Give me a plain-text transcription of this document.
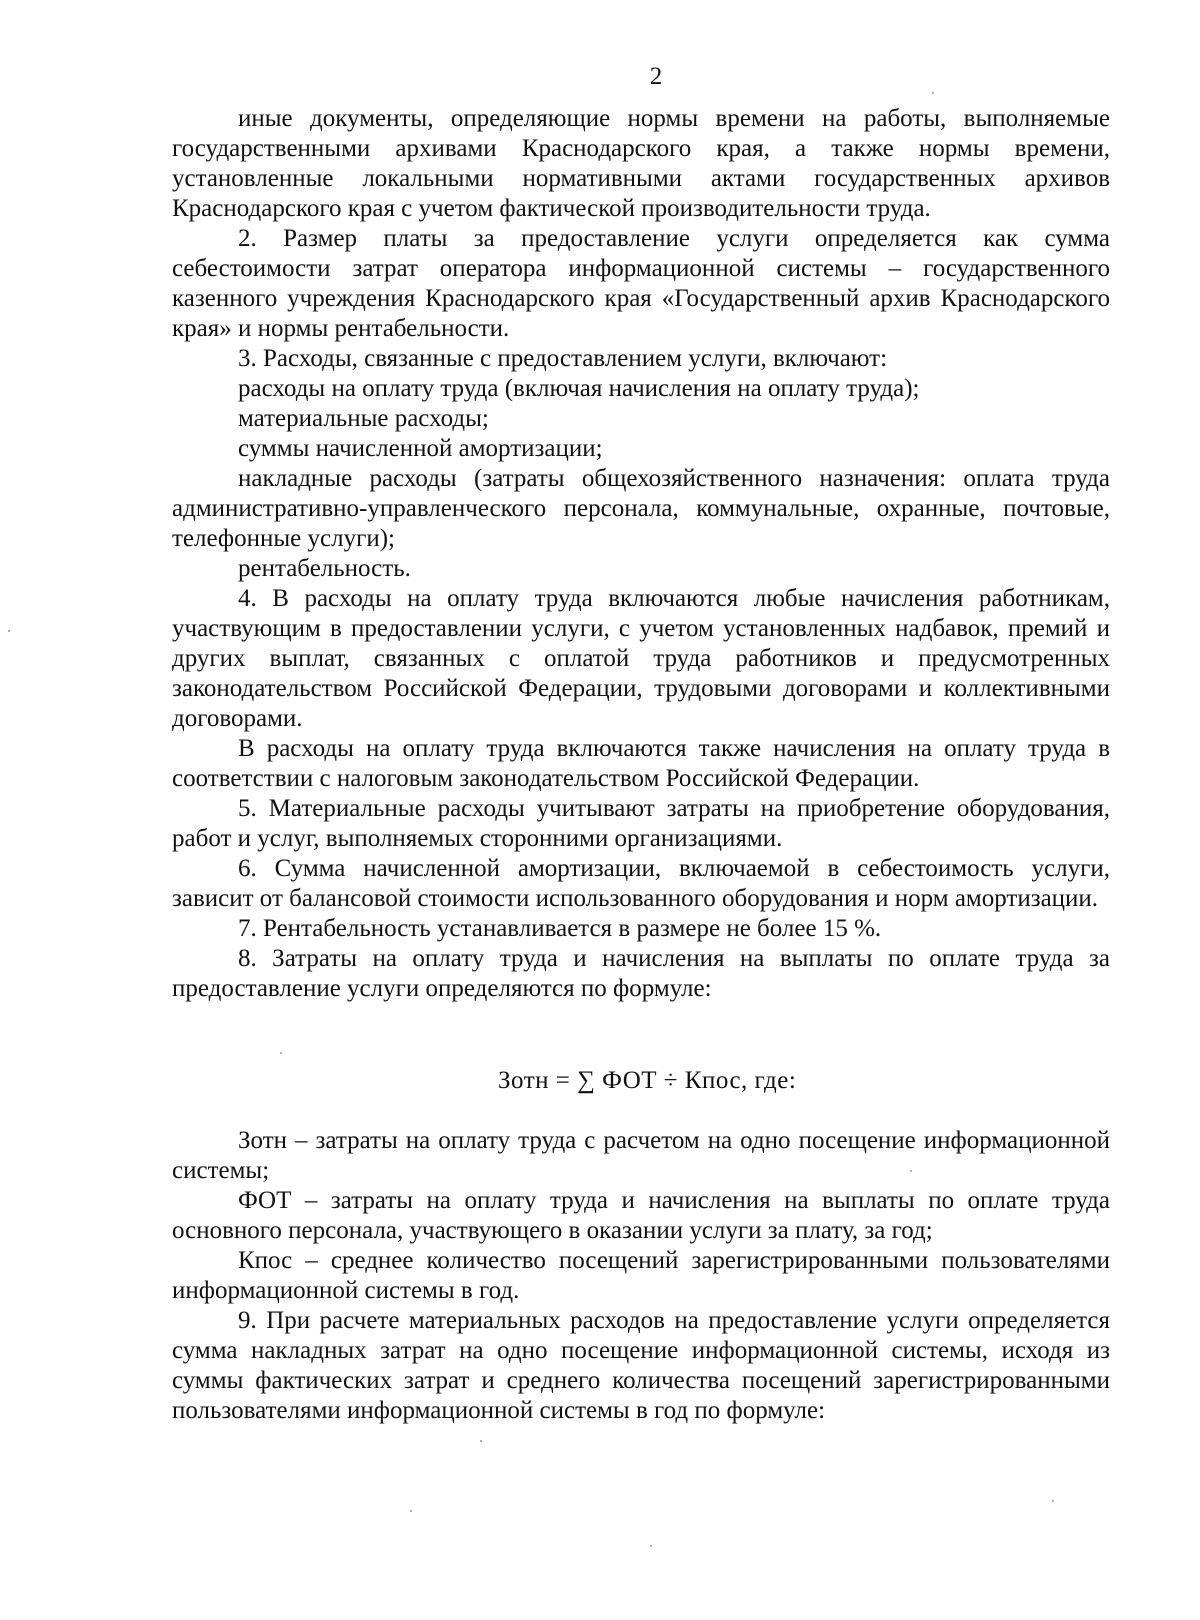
2

иные документы, определяющие нормы времени на работы, выполняемые государственными архивами Краснодарского края, а также нормы времени, установленные локальными нормативными актами государственных архивов Краснодарского края с учетом фактической производительности труда.

2. Размер платы за предоставление услуги определяется как сумма себестоимости затрат оператора информационной системы – государственного казенного учреждения Краснодарского края «Государственный архив Краснодарского края» и нормы рентабельности.

3. Расходы, связанные с предоставлением услуги, включают:

расходы на оплату труда (включая начисления на оплату труда);

материальные расходы;

суммы начисленной амортизации;

накладные расходы (затраты общехозяйственного назначения: оплата труда административно-управленческого персонала, коммунальные, охранные, почтовые, телефонные услуги);

рентабельность.

4. В расходы на оплату труда включаются любые начисления работникам, участвующим в предоставлении услуги, с учетом установленных надбавок, премий и других выплат, связанных с оплатой труда работников и предусмотренных законодательством Российской Федерации, трудовыми договорами и коллективными договорами.

В расходы на оплату труда включаются также начисления на оплату труда в соответствии с налоговым законодательством Российской Федерации.

5. Материальные расходы учитывают затраты на приобретение оборудования, работ и услуг, выполняемых сторонними организациями.

6. Сумма начисленной амортизации, включаемой в себестоимость услуги, зависит от балансовой стоимости использованного оборудования и норм амортизации.

7. Рентабельность устанавливается в размере не более 15 %.

8. Затраты на оплату труда и начисления на выплаты по оплате труда за предоставление услуги определяются по формуле:

Зотн = ∑ ФОТ ÷ Кпос, где:

Зотн – затраты на оплату труда с расчетом на одно посещение информационной системы;

ФОТ – затраты на оплату труда и начисления на выплаты по оплате труда основного персонала, участвующего в оказании услуги за плату, за год;

Кпос – среднее количество посещений зарегистрированными пользователями информационной системы в год.

9. При расчете материальных расходов на предоставление услуги определяется сумма накладных затрат на одно посещение информационной системы, исходя из суммы фактических затрат и среднего количества посещений зарегистрированными пользователями информационной системы в год по формуле:
